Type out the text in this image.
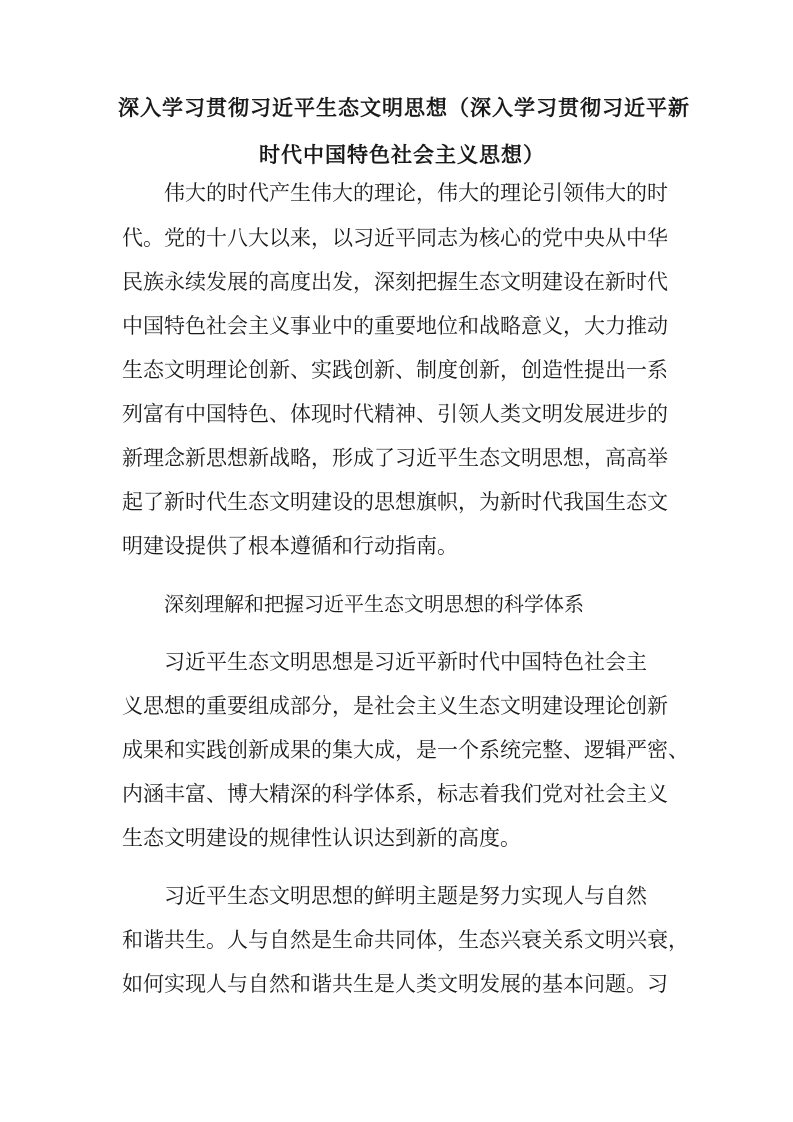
深入学习贯彻习近平生态文明思想（深入学习贯彻习近平新
时代中国特色社会主义思想）

伟大的时代产生伟大的理论，伟大的理论引领伟大的时

代。党的十八大以来，以习近平同志为核心的党中央从中华

民族永续发展的高度出发，深刻把握生态文明建设在新时代

中国特色社会主义事业中的重要地位和战略意义，大力推动

生态文明理论创新、实践创新、制度创新，创造性提出一系

列富有中国特色、体现时代精神、引领人类文明发展进步的

新理念新思想新战略，形成了习近平生态文明思想，高高举

起了新时代生态文明建设的思想旗帜，为新时代我国生态文

明建设提供了根本遵循和行动指南。

深刻理解和把握习近平生态文明思想的科学体系

习近平生态文明思想是习近平新时代中国特色社会主

义思想的重要组成部分，是社会主义生态文明建设理论创新

成果和实践创新成果的集大成，是一个系统完整、逻辑严密、

内涵丰富、博大精深的科学体系，标志着我们党对社会主义

生态文明建设的规律性认识达到新的高度。

习近平生态文明思想的鲜明主题是努力实现人与自然

和谐共生。人与自然是生命共同体，生态兴衰关系文明兴衰，

如何实现人与自然和谐共生是人类文明发展的基本问题。习
